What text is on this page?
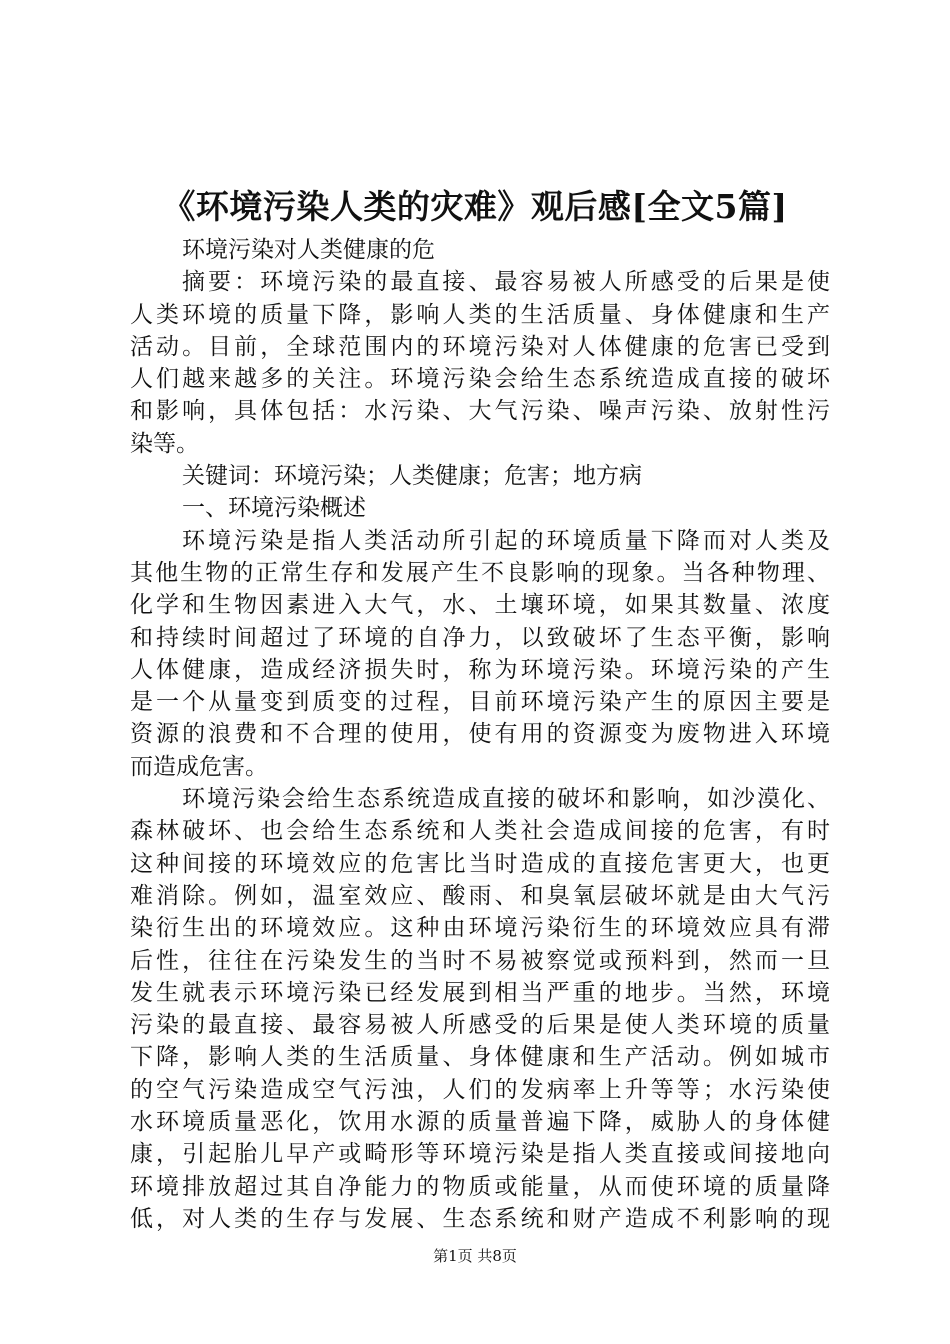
《环境污染人类的灾难》观后感[全文5篇]
环境污染对人类健康的危
摘要：环境污染的最直接、最容易被人所感受的后果是使
人类环境的质量下降，影响人类的生活质量、身体健康和生产
活动。目前，全球范围内的环境污染对人体健康的危害已受到
人们越来越多的关注。环境污染会给生态系统造成直接的破坏
和影响，具体包括：水污染、大气污染、噪声污染、放射性污
染等。
关键词：环境污染；人类健康；危害；地方病
一、环境污染概述
环境污染是指人类活动所引起的环境质量下降而对人类及
其他生物的正常生存和发展产生不良影响的现象。当各种物理、
化学和生物因素进入大气，水、土壤环境，如果其数量、浓度
和持续时间超过了环境的自净力，以致破坏了生态平衡，影响
人体健康，造成经济损失时，称为环境污染。环境污染的产生
是一个从量变到质变的过程，目前环境污染产生的原因主要是
资源的浪费和不合理的使用，使有用的资源变为废物进入环境
而造成危害。
环境污染会给生态系统造成直接的破坏和影响，如沙漠化、
森林破坏、也会给生态系统和人类社会造成间接的危害，有时
这种间接的环境效应的危害比当时造成的直接危害更大，也更
难消除。例如，温室效应、酸雨、和臭氧层破坏就是由大气污
染衍生出的环境效应。这种由环境污染衍生的环境效应具有滞
后性，往往在污染发生的当时不易被察觉或预料到，然而一旦
发生就表示环境污染已经发展到相当严重的地步。当然，环境
污染的最直接、最容易被人所感受的后果是使人类环境的质量
下降，影响人类的生活质量、身体健康和生产活动。例如城市
的空气污染造成空气污浊，人们的发病率上升等等；水污染使
水环境质量恶化，饮用水源的质量普遍下降，威胁人的身体健
康，引起胎儿早产或畸形等环境污染是指人类直接或间接地向
环境排放超过其自净能力的物质或能量，从而使环境的质量降
低，对人类的生存与发展、生态系统和财产造成不利影响的现
第1页 共8页
